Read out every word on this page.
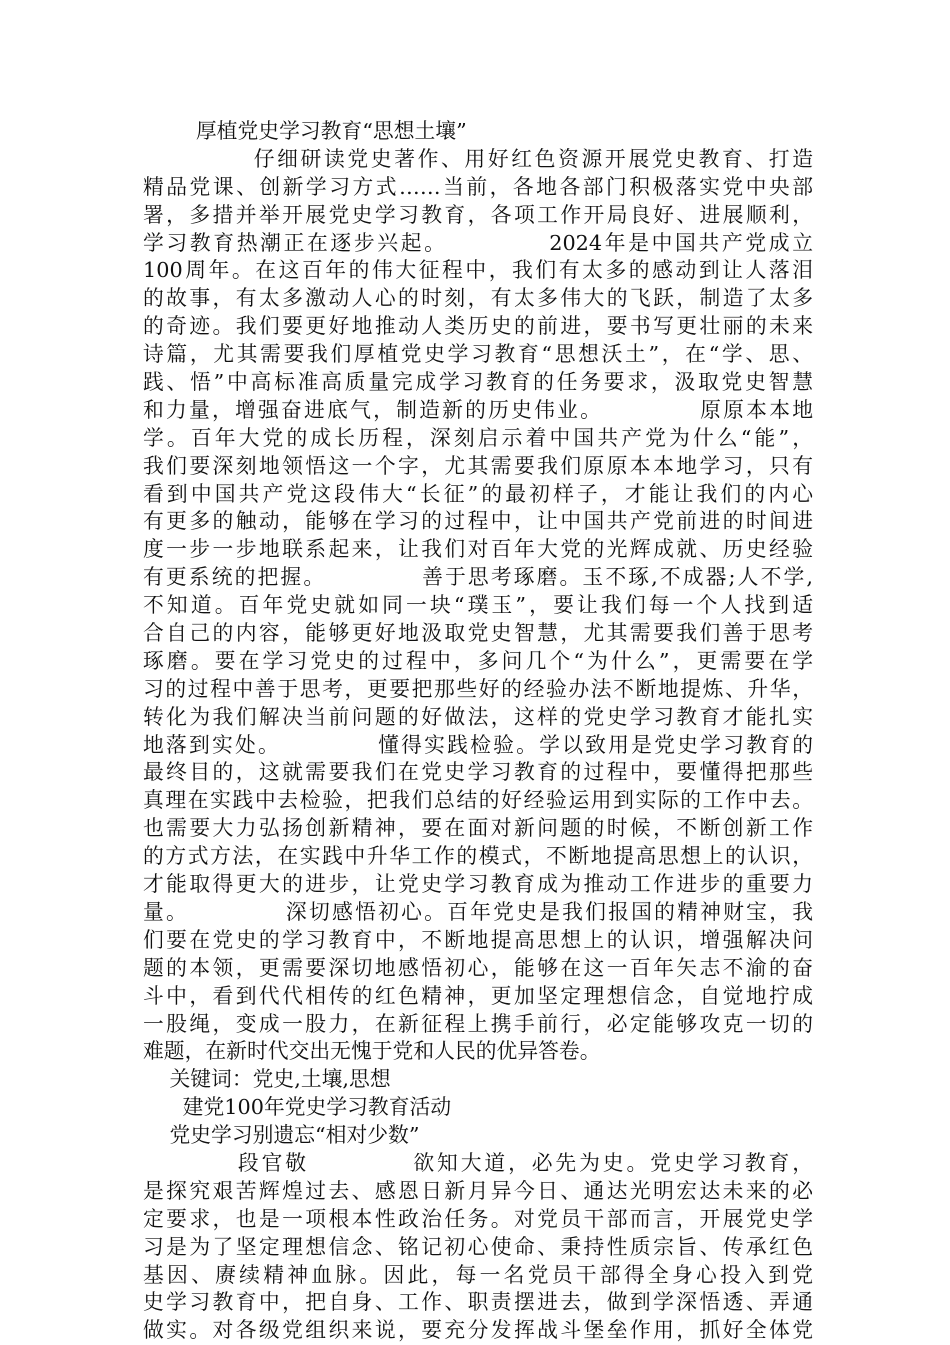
厚植党史学习教育“思想土壤”
仔细研读党史著作、用好红色资源开展党史教育、打造
精品党课、创新学习方式……当前，各地各部门积极落实党中央部
署，多措并举开展党史学习教育，各项工作开局良好、进展顺利，
学习教育热潮正在逐步兴起。           2024年是中国共产党成立
100周年。在这百年的伟大征程中，我们有太多的感动到让人落泪
的故事，有太多激动人心的时刻，有太多伟大的飞跃，制造了太多
的奇迹。我们要更好地推动人类历史的前进，要书写更壮丽的未来
诗篇，尤其需要我们厚植党史学习教育“思想沃土”，在“学、思、
践、悟”中高标准高质量完成学习教育的任务要求，汲取党史智慧
和力量，增强奋进底气，制造新的历史伟业。           原原本本地
学。百年大党的成长历程，深刻启示着中国共产党为什么“能”，
我们要深刻地领悟这一个字，尤其需要我们原原本本地学习，只有
看到中国共产党这段伟大“长征”的最初样子，才能让我们的内心
有更多的触动，能够在学习的过程中，让中国共产党前进的时间进
度一步一步地联系起来，让我们对百年大党的光辉成就、历史经验
有更系统的把握。           善于思考琢磨。玉不琢,不成器;人不学,
不知道。百年党史就如同一块“璞玉”，要让我们每一个人找到适
合自己的内容，能够更好地汲取党史智慧，尤其需要我们善于思考
琢磨。要在学习党史的过程中，多问几个“为什么”，更需要在学
习的过程中善于思考，更要把那些好的经验办法不断地提炼、升华，
转化为我们解决当前问题的好做法，这样的党史学习教育才能扎实
地落到实处。           懂得实践检验。学以致用是党史学习教育的
最终目的，这就需要我们在党史学习教育的过程中，要懂得把那些
真理在实践中去检验，把我们总结的好经验运用到实际的工作中去。
也需要大力弘扬创新精神，要在面对新问题的时候，不断创新工作
的方式方法，在实践中升华工作的模式，不断地提高思想上的认识，
才能取得更大的进步，让党史学习教育成为推动工作进步的重要力
量。           深切感悟初心。百年党史是我们报国的精神财宝，我
们要在党史的学习教育中，不断地提高思想上的认识，增强解决问
题的本领，更需要深切地感悟初心，能够在这一百年矢志不渝的奋
斗中，看到代代相传的红色精神，更加坚定理想信念，自觉地拧成
一股绳，变成一股力，在新征程上携手前行，必定能够攻克一切的
难题，在新时代交出无愧于党和人民的优异答卷。
关键词：党史,土壤,思想
建党100年党史学习教育活动
党史学习别遗忘“相对少数”
段官敬           欲知大道，必先为史。党史学习教育，
是探究艰苦辉煌过去、感恩日新月异今日、通达光明宏达未来的必
定要求，也是一项根本性政治任务。对党员干部而言，开展党史学
习是为了坚定理想信念、铭记初心使命、秉持性质宗旨、传承红色
基因、赓续精神血脉。因此，每一名党员干部得全身心投入到党
史学习教育中，把自身、工作、职责摆进去，做到学深悟透、弄通
做实。对各级党组织来说，要充分发挥战斗堡垒作用，抓好全体党
